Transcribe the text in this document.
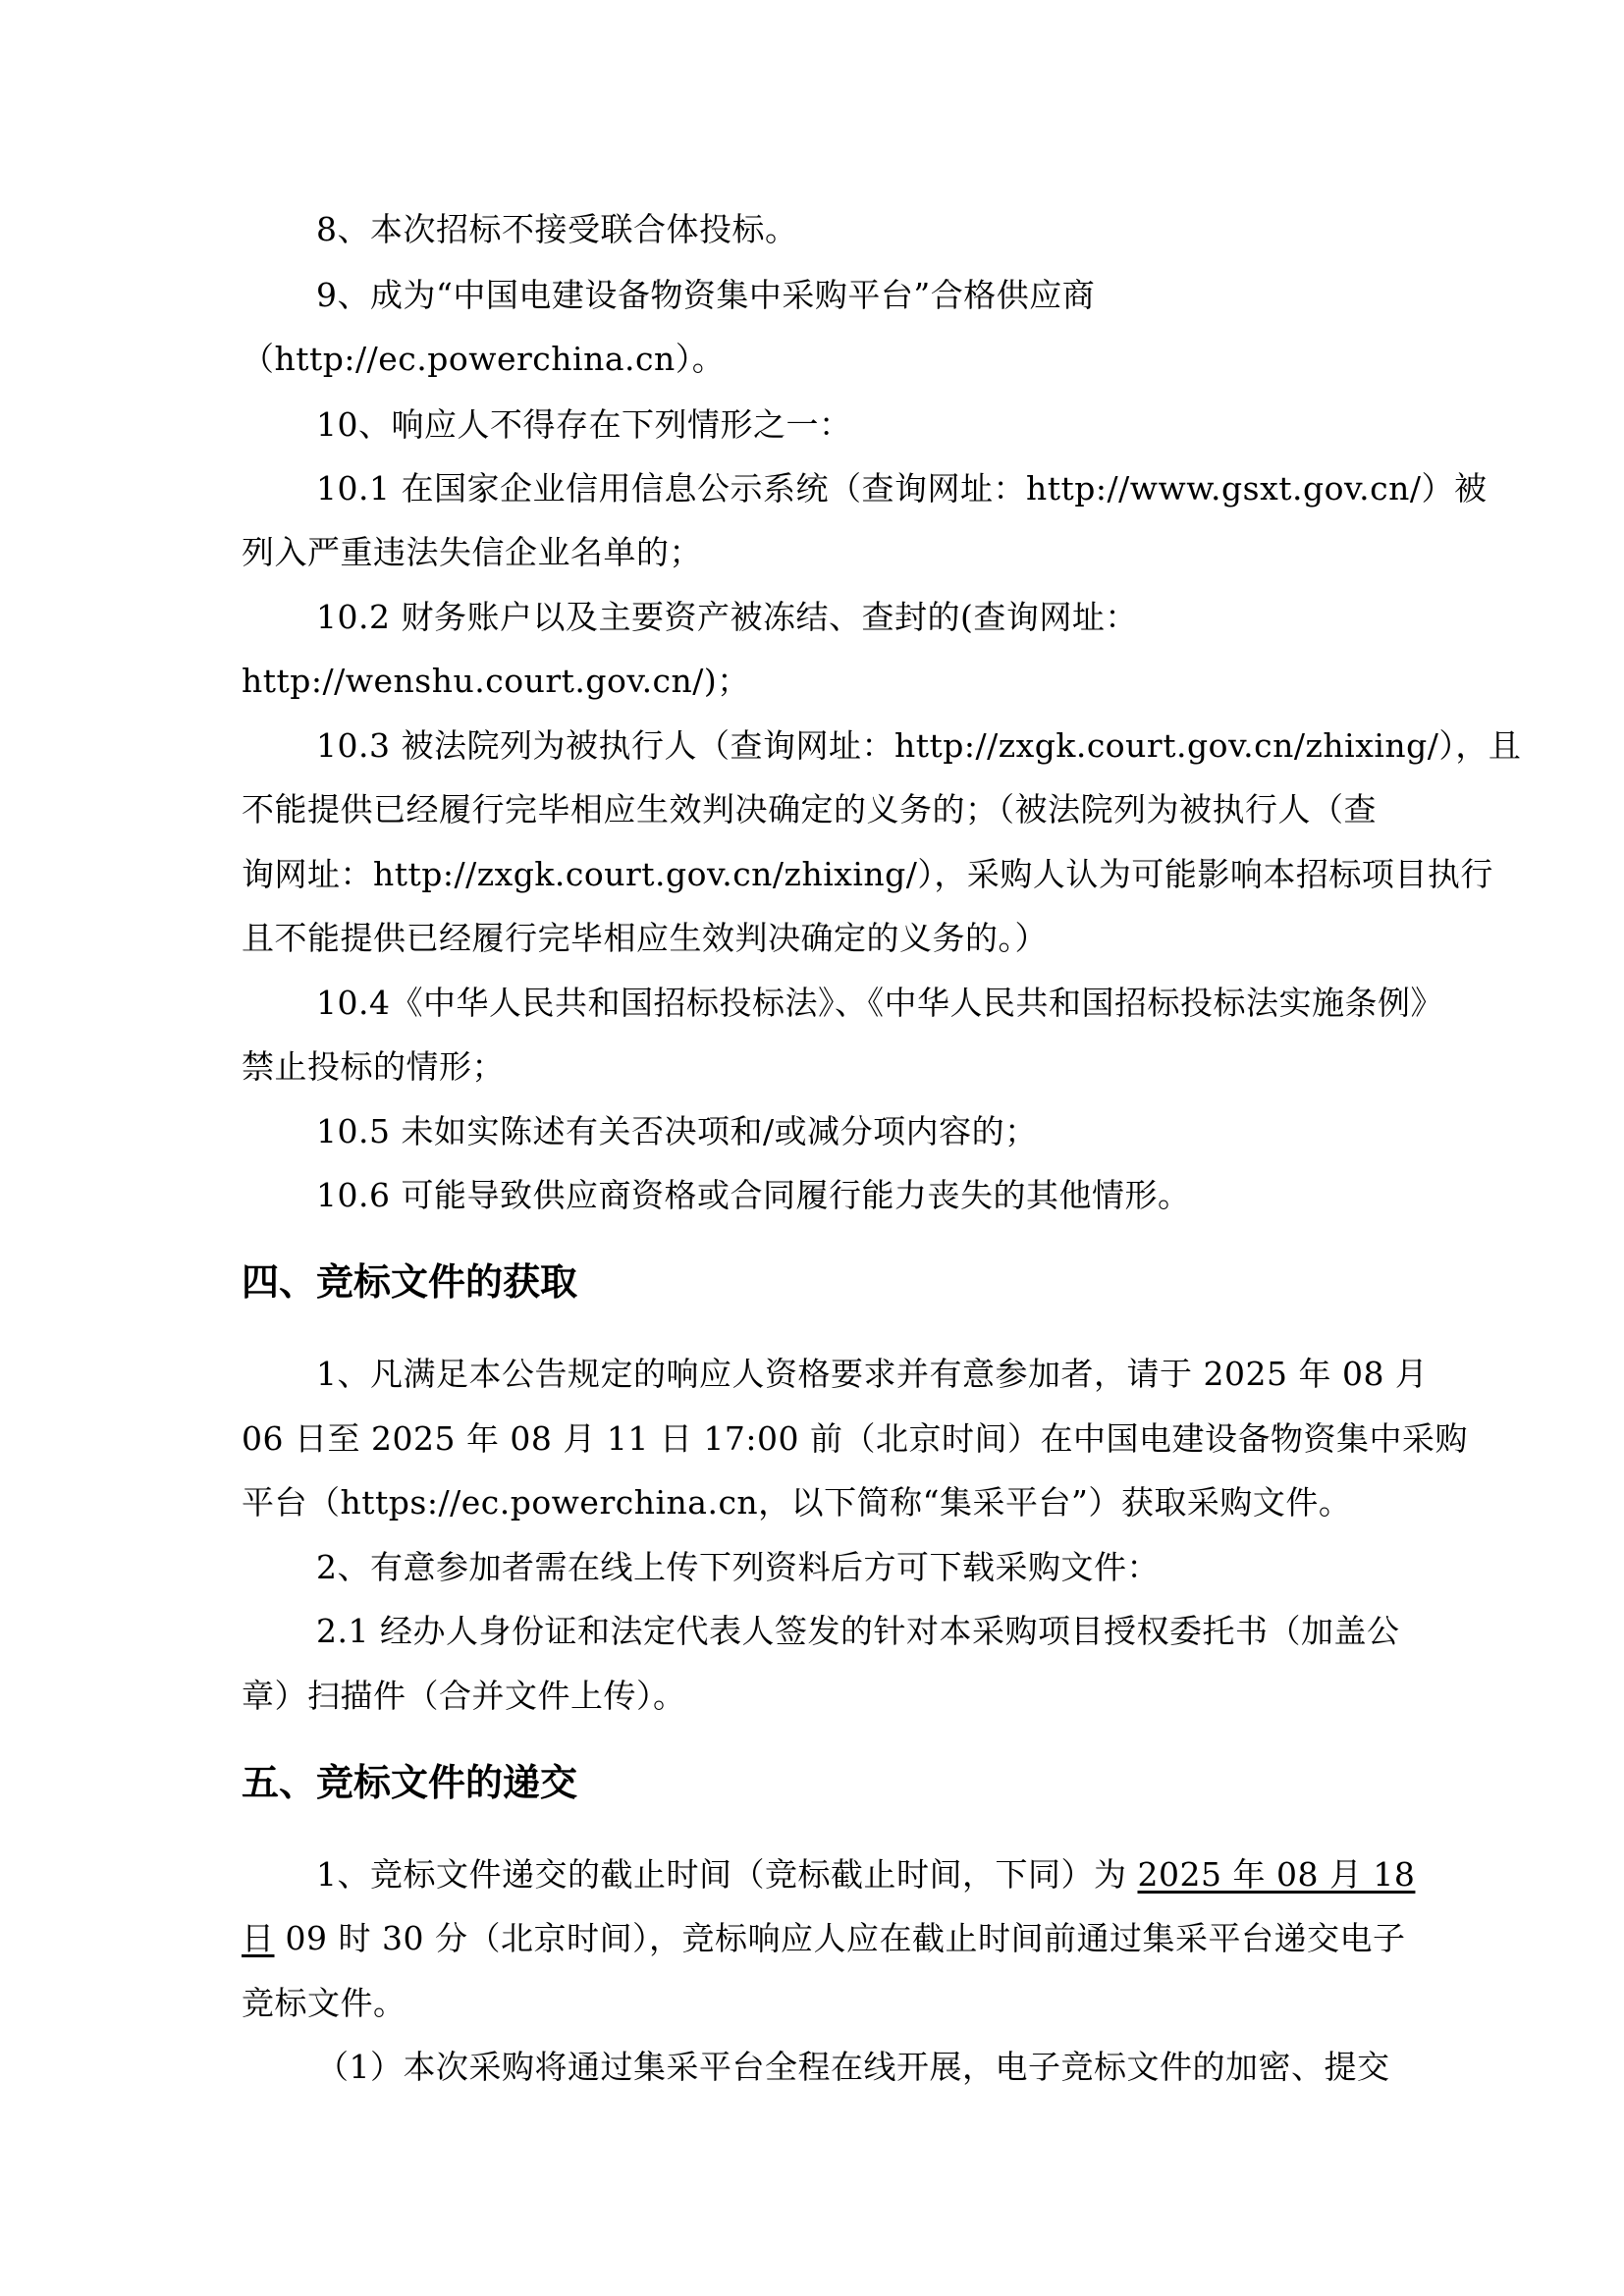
8、本次招标不接受联合体投标。
9、成为“中国电建设备物资集中采购平台”合格供应商
（http://ec.powerchina.cn）。
10、响应人不得存在下列情形之一：
10.1 在国家企业信用信息公示系统（查询网址：http://www.gsxt.gov.cn/）被
列入严重违法失信企业名单的；
10.2 财务账户以及主要资产被冻结、查封的(查询网址：
http://wenshu.court.gov.cn/)；
10.3 被法院列为被执行人（查询网址：http://zxgk.court.gov.cn/zhixing/），且
不能提供已经履行完毕相应生效判决确定的义务的；（被法院列为被执行人（查
询网址：http://zxgk.court.gov.cn/zhixing/），采购人认为可能影响本招标项目执行
且不能提供已经履行完毕相应生效判决确定的义务的。）
10.4《中华人民共和国招标投标法》、《中华人民共和国招标投标法实施条例》
禁止投标的情形；
10.5 未如实陈述有关否决项和/或减分项内容的；
10.6 可能导致供应商资格或合同履行能力丧失的其他情形。
四、竞标文件的获取
1、凡满足本公告规定的响应人资格要求并有意参加者，请于 2025 年 08 月
06 日至 2025 年 08 月 11 日 17:00 前（北京时间）在中国电建设备物资集中采购
平台（https://ec.powerchina.cn，以下简称“集采平台”）获取采购文件。
2、有意参加者需在线上传下列资料后方可下载采购文件：
2.1 经办人身份证和法定代表人签发的针对本采购项目授权委托书（加盖公
章）扫描件（合并文件上传）。
五、竞标文件的递交
1、竞标文件递交的截止时间（竞标截止时间，下同）为 2025 年 08 月 18
日 09 时 30 分（北京时间），竞标响应人应在截止时间前通过集采平台递交电子
竞标文件。
（1）本次采购将通过集采平台全程在线开展，电子竞标文件的加密、提交
